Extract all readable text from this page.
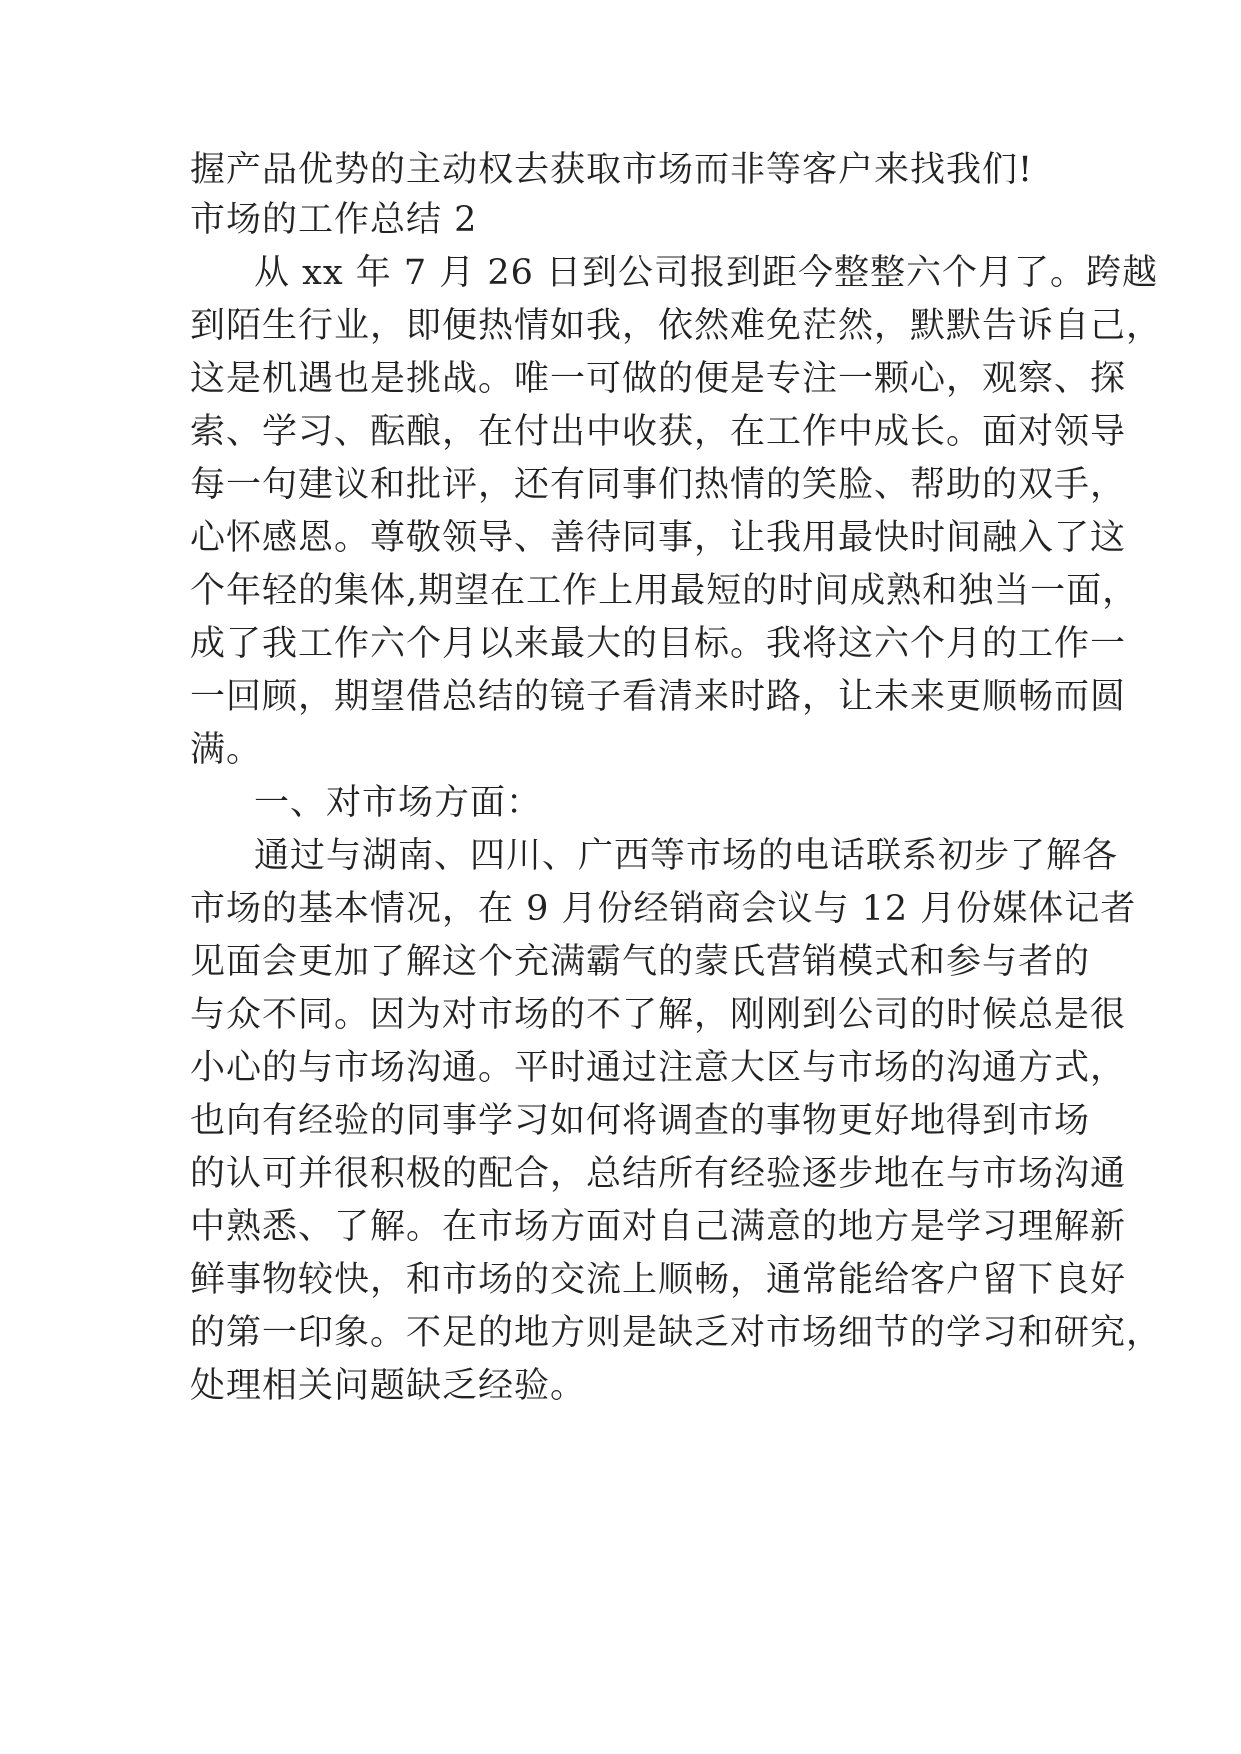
握产品优势的主动权去获取市场而非等客户来找我们!
市场的工作总结 2
从 xx 年 7 月 26 日到公司报到距今整整六个月了。跨越
到陌生行业，即便热情如我，依然难免茫然，默默告诉自己，
这是机遇也是挑战。唯一可做的便是专注一颗心，观察、探
索、学习、酝酿，在付出中收获，在工作中成长。面对领导
每一句建议和批评，还有同事们热情的笑脸、帮助的双手，
心怀感恩。尊敬领导、善待同事，让我用最快时间融入了这
个年轻的集体,期望在工作上用最短的时间成熟和独当一面，
成了我工作六个月以来最大的目标。我将这六个月的工作一
一回顾，期望借总结的镜子看清来时路，让未来更顺畅而圆
满。
一、对市场方面：
通过与湖南、四川、广西等市场的电话联系初步了解各
市场的基本情况，在 9 月份经销商会议与 12 月份媒体记者
见面会更加了解这个充满霸气的蒙氏营销模式和参与者的
与众不同。因为对市场的不了解，刚刚到公司的时候总是很
小心的与市场沟通。平时通过注意大区与市场的沟通方式，
也向有经验的同事学习如何将调查的事物更好地得到市场
的认可并很积极的配合，总结所有经验逐步地在与市场沟通
中熟悉、了解。在市场方面对自己满意的地方是学习理解新
鲜事物较快，和市场的交流上顺畅，通常能给客户留下良好
的第一印象。不足的地方则是缺乏对市场细节的学习和研究，
处理相关问题缺乏经验。
